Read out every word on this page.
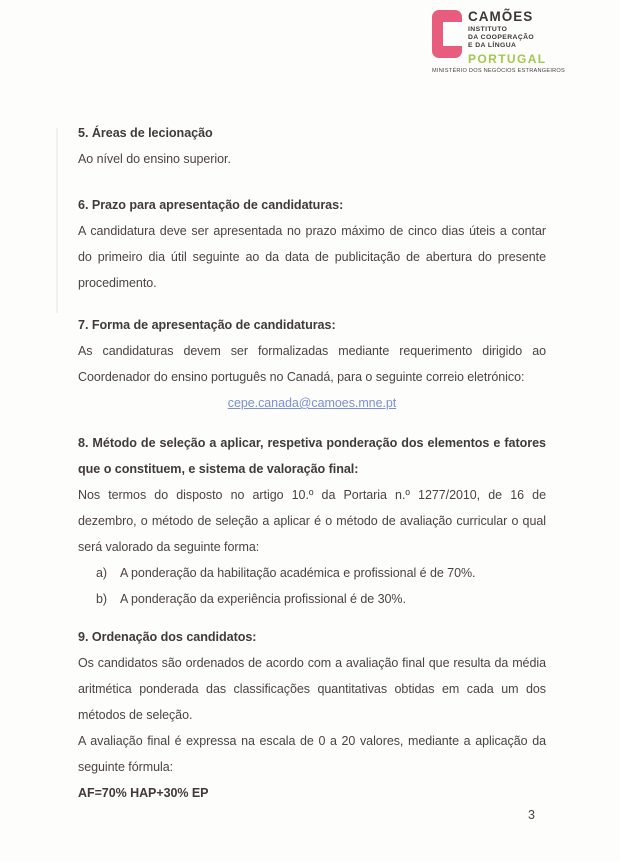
CAMÕES
INSTITUTO
DA COOPERAÇÃO
E DA LÍNGUA
PORTUGAL
MINISTÉRIO DOS NEGÓCIOS ESTRANGEIROS
5. Áreas de lecionação

Ao nível do ensino superior.

6. Prazo para apresentação de candidaturas:

A candidatura deve ser apresentada no prazo máximo de cinco dias úteis a contar do primeiro dia útil seguinte ao da data de publicitação de abertura do presente procedimento.

7. Forma de apresentação de candidaturas:

As candidaturas devem ser formalizadas mediante requerimento dirigido ao Coordenador do ensino português no Canadá, para o seguinte correio eletrónico:

cepe.canada@camoes.mne.pt
8. Método de seleção a aplicar, respetiva ponderação dos elementos e fatores que o constituem, e sistema de valoração final:

Nos termos do disposto no artigo 10.º da Portaria n.º 1277/2010, de 16 de dezembro, o método de seleção a aplicar é o método de avaliação curricular o qual será valorado da seguinte forma:

a)	A ponderação da habilitação académica e profissional é de 70%.
b)	A ponderação da experiência profissional é de 30%.
9. Ordenação dos candidatos:

Os candidatos são ordenados de acordo com a avaliação final que resulta da média aritmética ponderada das classificações quantitativas obtidas em cada um dos métodos de seleção.

A avaliação final é expressa na escala de 0 a 20 valores, mediante a aplicação da seguinte fórmula:

AF=70% HAP+30% EP

3
